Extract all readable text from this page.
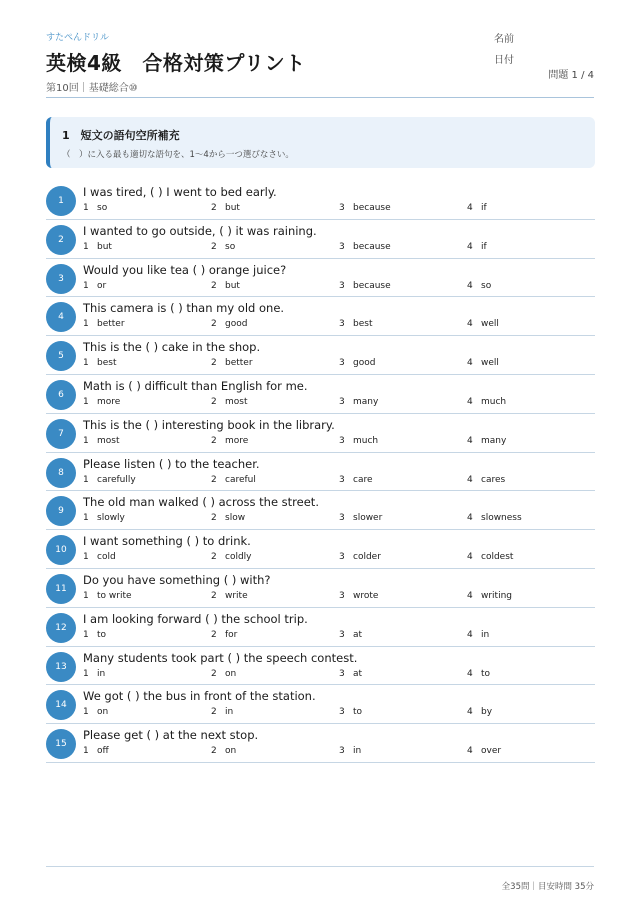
すたぺんドリル
英検4級　合格対策プリント
第10回｜基礎総合⑩
名前
日付
問題 1 / 4
1　短文の語句空所補充
（　）に入る最も適切な語句を、1〜4から一つ選びなさい。
1
I was tired, ( ) I went to bed early.
1 so	2 but	3 because	4 if
2
I wanted to go outside, ( ) it was raining.
1 but	2 so	3 because	4 if
3
Would you like tea ( ) orange juice?
1 or	2 but	3 because	4 so
4
This camera is ( ) than my old one.
1 better	2 good	3 best	4 well
5
This is the ( ) cake in the shop.
1 best	2 better	3 good	4 well
6
Math is ( ) difficult than English for me.
1 more	2 most	3 many	4 much
7
This is the ( ) interesting book in the library.
1 most	2 more	3 much	4 many
8
Please listen ( ) to the teacher.
1 carefully	2 careful	3 care	4 cares
9
The old man walked ( ) across the street.
1 slowly	2 slow	3 slower	4 slowness
10
I want something ( ) to drink.
1 cold	2 coldly	3 colder	4 coldest
11
Do you have something ( ) with?
1 to write	2 write	3 wrote	4 writing
12
I am looking forward ( ) the school trip.
1 to	2 for	3 at	4 in
13
Many students took part ( ) the speech contest.
1 in	2 on	3 at	4 to
14
We got ( ) the bus in front of the station.
1 on	2 in	3 to	4 by
15
Please get ( ) at the next stop.
1 off	2 on	3 in	4 over
全35問｜目安時間 35分
